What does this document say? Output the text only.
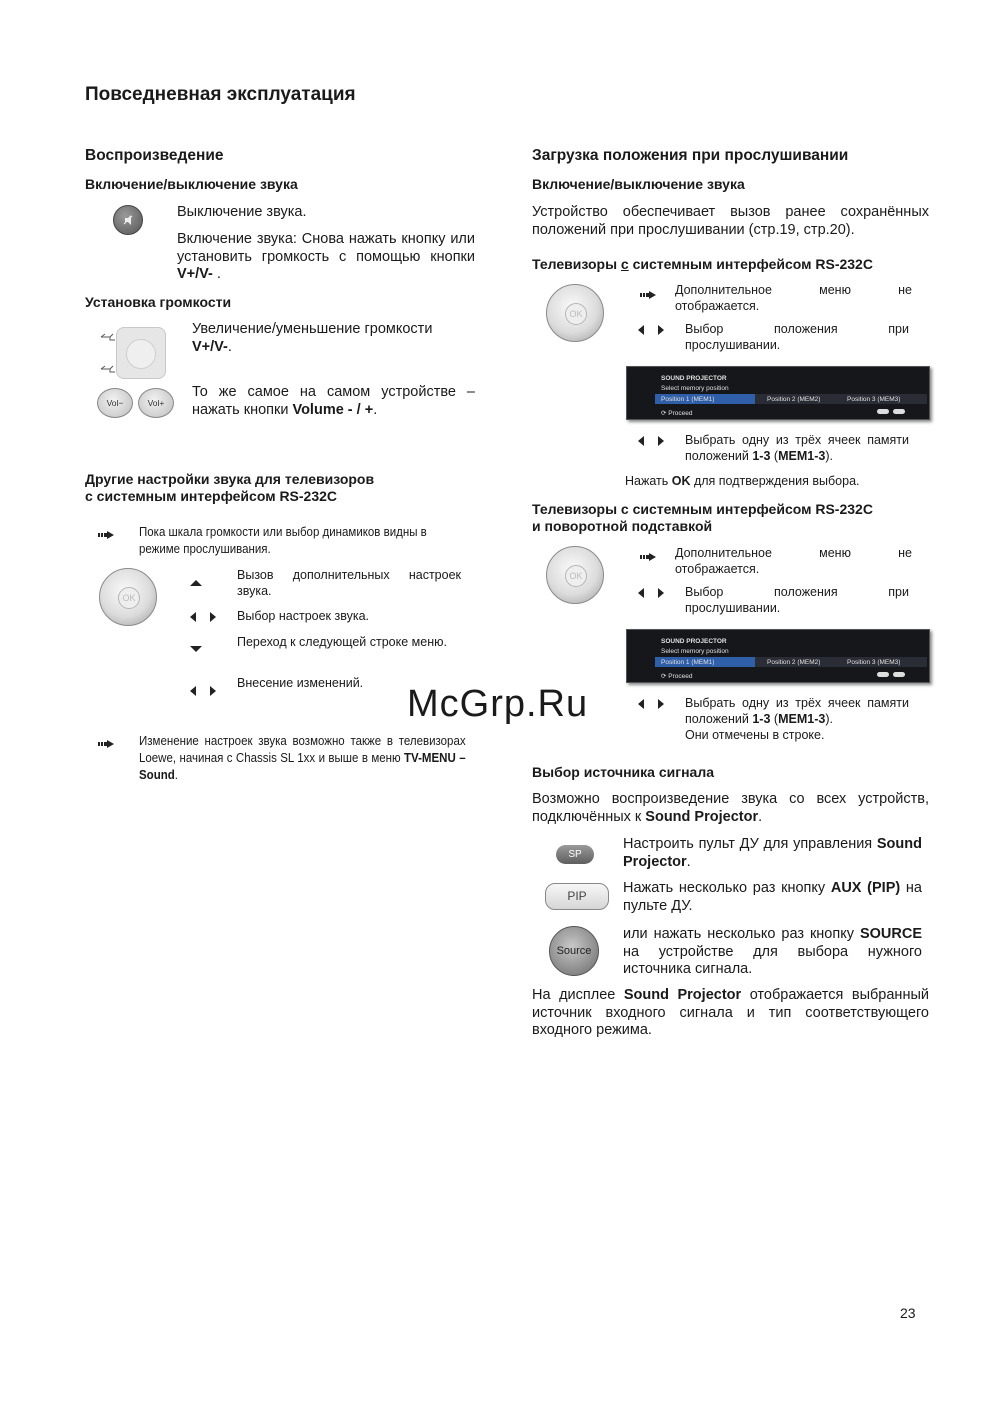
Повседневная эксплуатация
Воспроизведение
Включение/выключение звука

Выключение звука.

Включение звука: Снова нажать кнопку или установить громкость с помощью кнопки V+/V- .

Установка громкости

Увеличение/уменьшение громкости
V+/V-.

Vol−	Vol+

То же самое на самом устройстве – нажать кнопки Volume - / +.

Другие настройки звука для телевизоров
с системным интерфейсом RS-232C

Пока шкала громкости или выбор динамиков видны в режиме прослушивания.

OK

Вызов дополнительных настроек звука.

Выбор настроек звука.

Переход к следующей строке меню.

Внесение изменений.

Изменение настроек звука возможно также в телевизорах Loewe, начиная с Chassis SL 1xx и выше в меню TV-MENU – Sound.

Загрузка положения при прослушивании
Включение/выключение звука

Устройство обеспечивает вызов ранее сохранённых положений при прослушивании (стр.19, стр.20).

Телевизоры с системным интерфейсом RS-232C
OK

Дополнительное меню не отображается.

Выбор положения при прослушивании.

SOUND PROJECTOR
Select memory position
Position 1 (MEM1)	Position 2 (MEM2)	Position 3 (MEM3)
⟳ Proceed

Выбрать одну из трёх ячеек памяти положений 1-3 (MEM1-3).

Нажать OK для подтверждения выбора.

Телевизоры с системным интерфейсом RS-232C
и поворотной подставкой
OK

Дополнительное меню не отображается.

Выбор положения при прослушивании.

SOUND PROJECTOR
Select memory position
Position 1 (MEM1)	Position 2 (MEM2)	Position 3 (MEM3)
⟳ Proceed

Выбрать одну из трёх ячеек памяти положений 1-3 (MEM1-3).
Они отмечены в строке.

McGrp.Ru
Выбор источника сигнала

Возможно воспроизведение звука со всех устройств, подключённых к Sound Projector.

SP

Настроить пульт ДУ для управления Sound Projector.

PIP	Нажать несколько раз кнопку AUX (PIP) на пульте ДУ.

Source

или нажать несколько раз кнопку SOURCE на устройстве для выбора нужного источника сигнала.

На дисплее Sound Projector отображается выбранный источник входного сигнала и тип соответствующего входного режима.

23
